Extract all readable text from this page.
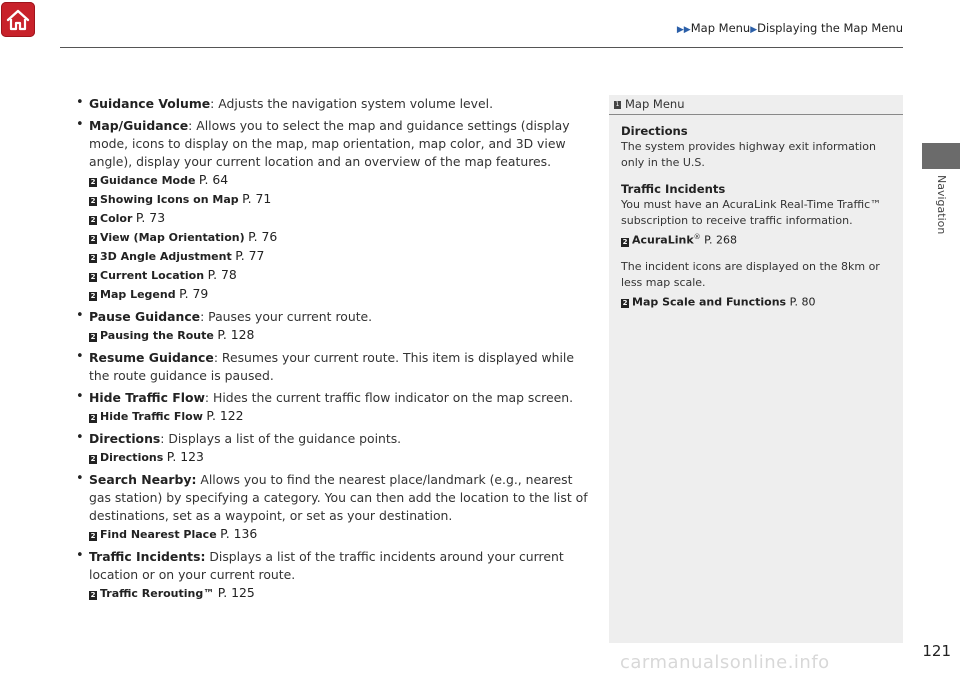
▶▶Map Menu▶Displaying the Map Menu
Navigation
• Guidance Volume: Adjusts the navigation system volume level.

• Map/Guidance: Allows you to select the map and guidance settings (display mode, icons to display on the map, map orientation, map color, and 3D view angle), display your current location and an overview of the map features.

2 Guidance Mode P. 64
2 Showing Icons on Map P. 71
2 Color P. 73
2 View (Map Orientation) P. 76
2 3D Angle Adjustment P. 77
2 Current Location P. 78
2 Map Legend P. 79
• Pause Guidance: Pauses your current route.

2 Pausing the Route P. 128
• Resume Guidance: Resumes your current route. This item is displayed while the route guidance is paused.

• Hide Traffic Flow: Hides the current traffic flow indicator on the map screen.

2 Hide Traffic Flow P. 122
• Directions: Displays a list of the guidance points.

2 Directions P. 123
• Search Nearby: Allows you to find the nearest place/landmark (e.g., nearest gas station) by specifying a category. You can then add the location to the list of destinations, set as a waypoint, or set as your destination.

2 Find Nearest Place P. 136
• Traffic Incidents: Displays a list of the traffic incidents around your current location or on your current route.

2 Traffic Rerouting™ P. 125
1 Map Menu
Directions
The system provides highway exit information only in the U.S.
Traffic Incidents
You must have an AcuraLink Real-Time Traffic™ subscription to receive traffic information.
2 AcuraLink® P. 268
The incident icons are displayed on the 8km or less map scale.
2 Map Scale and Functions P. 80
121
carmanualsonline.info
